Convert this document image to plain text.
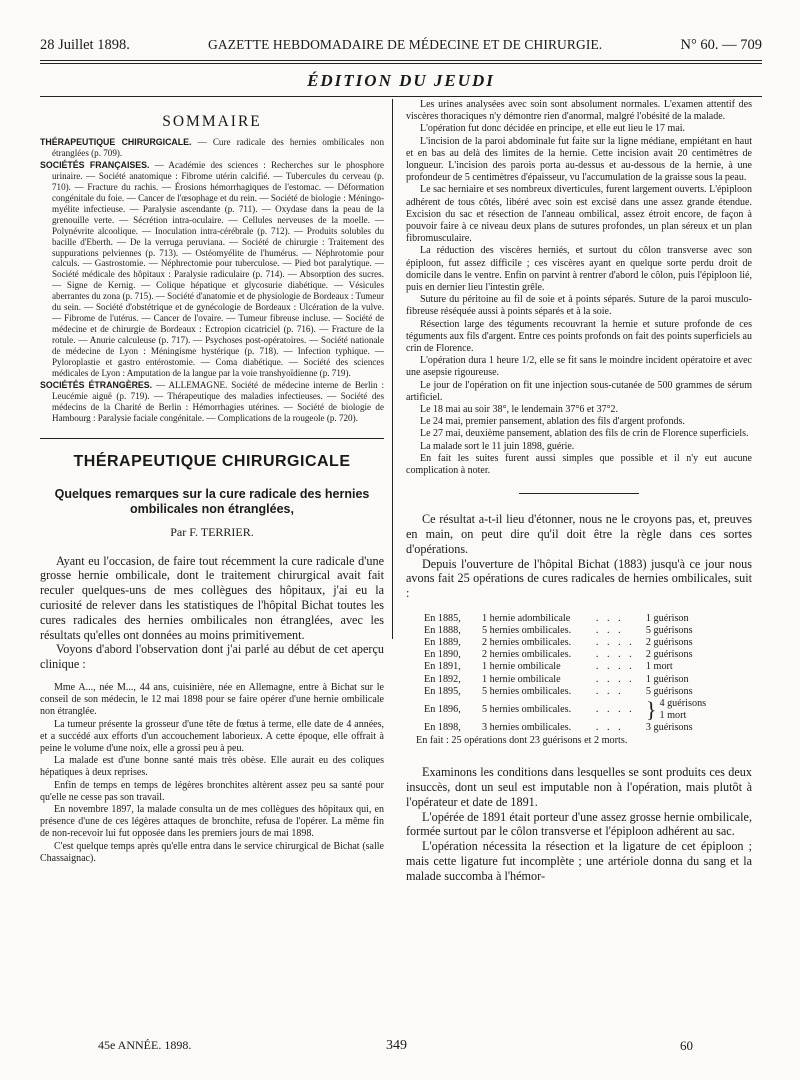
28 Juillet 1898.	GAZETTE HEBDOMADAIRE DE MÉDECINE ET DE CHIRURGIE.	N° 60. — 709
ÉDITION DU JEUDI
SOMMAIRE

THÉRAPEUTIQUE CHIRURGICALE. — Cure radicale des hernies ombilicales non étranglées (p. 709).

SOCIÉTÉS FRANÇAISES. — Académie des sciences : Recherches sur le phosphore urinaire. — Société anatomique : Fibrome utérin calcifié. — Tubercules du cerveau (p. 710). — Fracture du rachis. — Érosions hémorrhagiques de l'estomac. — Déformation congénitale du foie. — Cancer de l'œsophage et du rein. — Société de biologie : Méningo-myélite infectieuse. — Paralysie ascendante (p. 711). — Oxydase dans la peau de la grenouille verte. — Sécrétion intra-oculaire. — Cellules nerveuses de la moelle. — Polynévrite alcoolique. — Inoculation intra-cérébrale (p. 712). — Produits solubles du bacille d'Eberth. — De la verruga peruviana. — Société de chirurgie : Traitement des suppurations pelviennes (p. 713). — Ostéomyélite de l'humérus. — Néphrotomie pour calculs. — Gastrostomie. — Néphrectomie pour tuberculose. — Pied bot paralytique. — Société médicale des hôpitaux : Paralysie radiculaire (p. 714). — Absorption des sucres. — Signe de Kernig. — Colique hépatique et glycosurie diabétique. — Vésicules aberrantes du zona (p. 715). — Société d'anatomie et de physiologie de Bordeaux : Tumeur du sein. — Société d'obstétrique et de gynécologie de Bordeaux : Ulcération de la vulve. — Fibrome de l'utérus. — Cancer de l'ovaire. — Tumeur fibreuse incluse. — Société de médecine et de chirurgie de Bordeaux : Ectropion cicatriciel (p. 716). — Fracture de la rotule. — Anurie calculeuse (p. 717). — Psychoses post-opératoires. — Société nationale de médecine de Lyon : Méningisme hystérique (p. 718). — Infection typhique. — Pyloroplastie et gastro entérostomie. — Coma diabétique. — Société des sciences médicales de Lyon : Amputation de la langue par la voie transhyoïdienne (p. 719).

SOCIÉTÉS ÉTRANGÈRES. — ALLEMAGNE. Société de médecine interne de Berlin : Leucémie aiguë (p. 719). — Thérapeutique des maladies infectieuses. — Société des médecins de la Charité de Berlin : Hémorrhagies utérines. — Société de biologie de Hambourg : Paralysie faciale congénitale. — Complications de la rougeole (p. 720).

THÉRAPEUTIQUE CHIRURGICALE
Quelques remarques sur la cure radicale des hernies ombilicales non étranglées,
Par F. TERRIER.

Ayant eu l'occasion, de faire tout récemment la cure radicale d'une grosse hernie ombilicale, dont le traitement chirurgical avait fait reculer quelques-uns de mes collègues des hôpitaux, j'ai eu la curiosité de relever dans les statistiques de l'hôpital Bichat toutes les cures radicales des hernies ombilicales non étranglées, avec les résultats qu'elles ont données au moins primitivement.

Voyons d'abord l'observation dont j'ai parlé au début de cet aperçu clinique :

Mme A..., née M..., 44 ans, cuisinière, née en Allemagne, entre à Bichat sur le conseil de son médecin, le 12 mai 1898 pour se faire opérer d'une hernie ombilicale non étranglée.

La tumeur présente la grosseur d'une tête de fœtus à terme, elle date de 4 années, et a succédé aux efforts d'un accouchement laborieux. A cette époque, elle offrait à peine le volume d'une noix, elle a grossi peu à peu.

La malade est d'une bonne santé mais très obèse. Elle aurait eu des coliques hépatiques à deux reprises.

Enfin de temps en temps de légères bronchites altèrent assez peu sa santé pour qu'elle ne cesse pas son travail.

En novembre 1897, la malade consulta un de mes collègues des hôpitaux qui, en présence d'une de ces légères attaques de bronchite, refusa de l'opérer. La même fin de non-recevoir lui fut opposée dans les premiers jours de mai 1898.

C'est quelque temps après qu'elle entra dans le service chirurgical de Bichat (salle Chassaignac).

Les urines analysées avec soin sont absolument normales. L'examen attentif des viscères thoraciques n'y démontre rien d'anormal, malgré l'obésité de la malade.

L'opération fut donc décidée en principe, et elle eut lieu le 17 mai.

L'incision de la paroi abdominale fut faite sur la ligne médiane, empiétant en haut et en bas au delà des limites de la hernie. Cette incision avait 20 centimètres de longueur. L'incision des parois porta au-dessus et au-dessous de la hernie, à une profondeur de 5 centimètres d'épaisseur, vu l'accumulation de la graisse sous la peau.

Le sac herniaire et ses nombreux diverticules, furent largement ouverts. L'épiploon adhérent de tous côtés, libéré avec soin est excisé dans une assez grande étendue. Excision du sac et résection de l'anneau ombilical, assez étroit encore, de façon à pouvoir faire à ce niveau deux plans de sutures profondes, un plan séreux et un plan fibromusculaire.

La réduction des viscères herniés, et surtout du côlon transverse avec son épiploon, fut assez difficile ; ces viscères ayant en quelque sorte perdu droit de domicile dans le ventre. Enfin on parvint à rentrer d'abord le côlon, puis l'épiploon lié, puis en dernier lieu l'intestin grêle.

Suture du péritoine au fil de soie et à points séparés. Suture de la paroi musculo-fibreuse réséquée aussi à points séparés et à la soie.

Résection large des téguments recouvrant la hernie et suture profonde de ces téguments aux fils d'argent. Entre ces points profonds on fait des points superficiels au crin de Florence.

L'opération dura 1 heure 1/2, elle se fit sans le moindre incident opératoire et avec une asepsie rigoureuse.

Le jour de l'opération on fit une injection sous-cutanée de 500 grammes de sérum artificiel.

Le 18 mai au soir 38°, le lendemain 37°6 et 37°2.

Le 24 mai, premier pansement, ablation des fils d'argent profonds.

Le 27 mai, deuxième pansement, ablation des fils de crin de Florence superficiels.

La malade sort le 11 juin 1898, guérie.

En fait les suites furent aussi simples que possible et il n'y eut aucune complication à noter.

Ce résultat a-t-il lieu d'étonner, nous ne le croyons pas, et, preuves en main, on peut dire qu'il doit être la règle dans ces sortes d'opérations.

Depuis l'ouverture de l'hôpital Bichat (1883) jusqu'à ce jour nous avons fait 25 opérations de cures radicales de hernies ombilicales, suit :

En 1885,	1 hernie adombilicale	. . .	1 guérison
En 1888,	5 hernies ombilicales.	. . .	5 guérisons
En 1889,	2 hernies ombilicales.	. . . .	2 guérisons
En 1890,	2 hernies ombilicales.	. . . .	2 guérisons
En 1891,	1 hernie ombilicale	. . . .	1 mort
En 1892,	1 hernie ombilicale	. . . .	1 guérison
En 1895,	5 hernies ombilicales.	. . .	5 guérisons
En 1896,	5 hernies ombilicales.	. . . .	} 4 guérisons
1 mort

En 1898,	3 hernies ombilicales.	. . .	3 guérisons
En fait : 25 opérations dont 23 guérisons et 2 morts.

Examinons les conditions dans lesquelles se sont produits ces deux insuccès, dont un seul est imputable non à l'opération, mais plutôt à l'opérateur et date de 1891.

L'opérée de 1891 était porteur d'une assez grosse hernie ombilicale, formée surtout par le côlon transverse et l'épiploon adhérent au sac.

L'opération nécessita la résection et la ligature de cet épiploon ; mais cette ligature fut incomplète ; une artériole donna du sang et la malade succomba à l'hémor-

45e ANNÉE. 1898.	349	60
